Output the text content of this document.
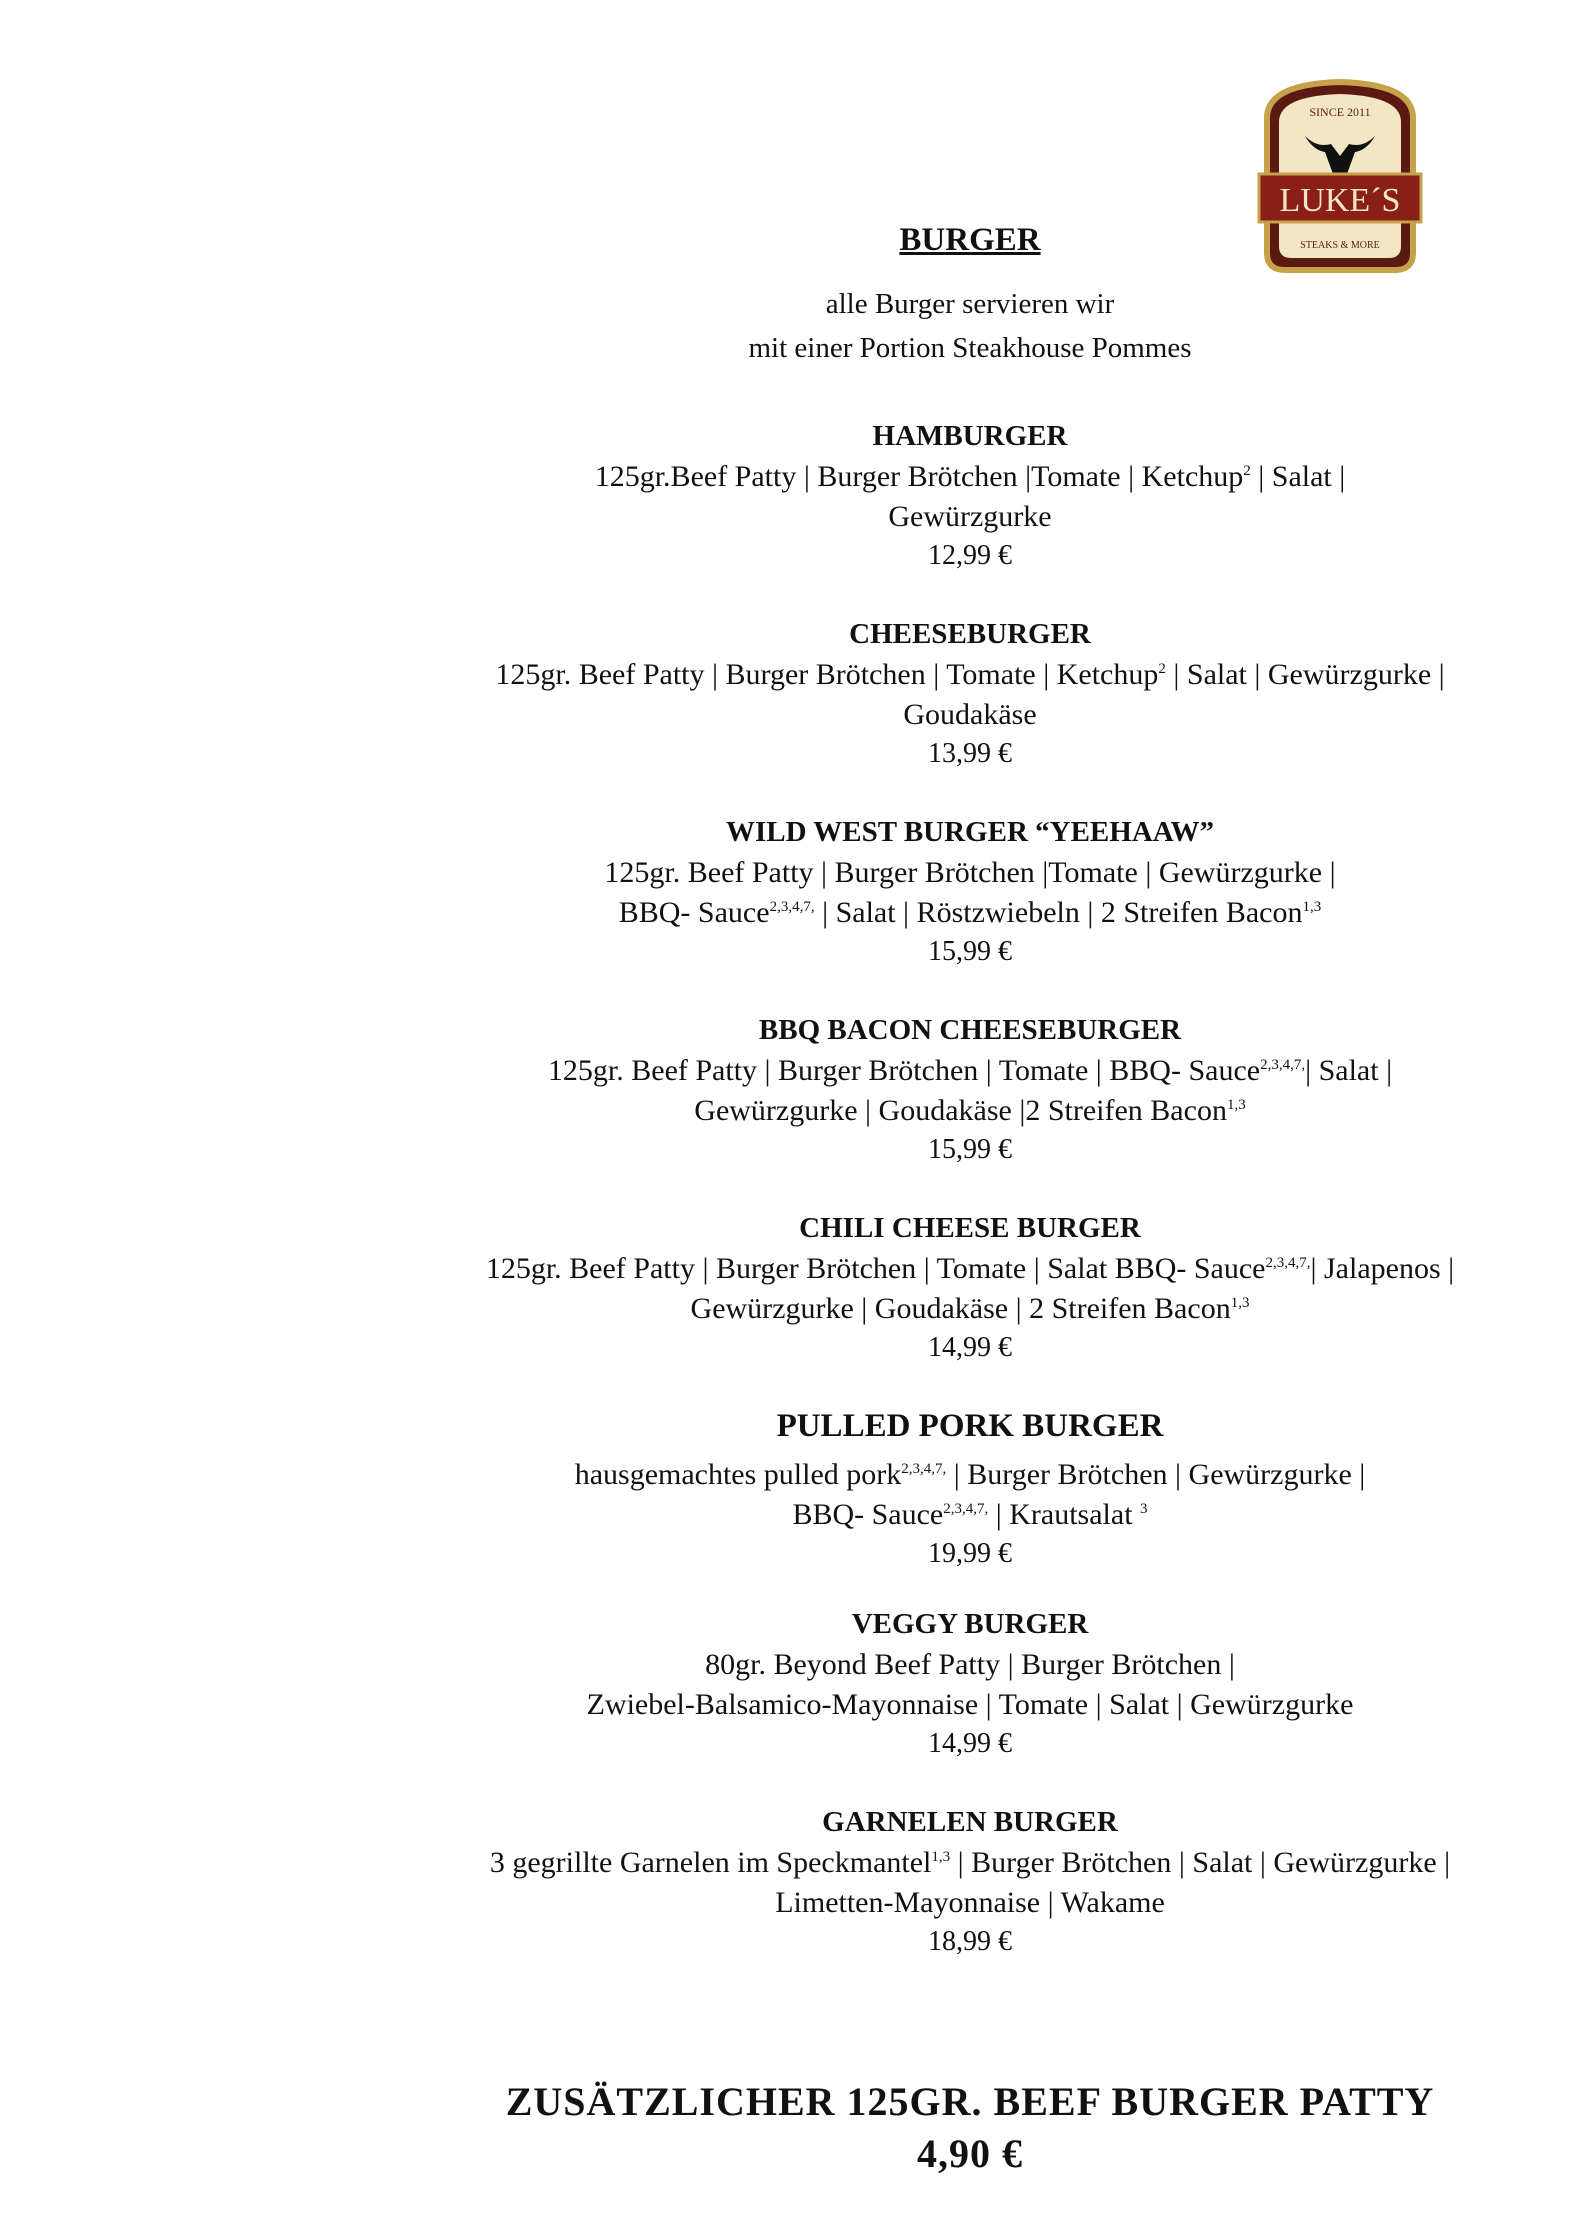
SINCE 2011
LUKE´S
STEAKS & MORE
BURGER
alle Burger servieren wir
mit einer Portion Steakhouse Pommes
HAMBURGER
125gr.Beef Patty | Burger Brötchen |Tomate | Ketchup$^2$ | Salat |
Gewürzgurke
12,99 €
CHEESEBURGER
125gr. Beef Patty | Burger Brötchen | Tomate | Ketchup$^2$ | Salat | Gewürzgurke |
Goudakäse
13,99 €
WILD WEST BURGER “YEEHAAW”
125gr. Beef Patty | Burger Brötchen |Tomate | Gewürzgurke |
BBQ- Sauce$^{2,3,4,7,}$ | Salat | Röstzwiebeln | 2 Streifen Bacon$^{1,3}$
15,99 €
BBQ BACON CHEESEBURGER
125gr. Beef Patty | Burger Brötchen | Tomate | BBQ- Sauce$^{2,3,4,7,}$| Salat |
Gewürzgurke | Goudakäse |2 Streifen Bacon$^{1,3}$
15,99 €
CHILI CHEESE BURGER
125gr. Beef Patty | Burger Brötchen | Tomate | Salat BBQ- Sauce$^{2,3,4,7,}$| Jalapenos |
Gewürzgurke | Goudakäse | 2 Streifen Bacon$^{1,3}$
14,99 €
PULLED PORK BURGER
hausgemachtes pulled pork$^{2,3,4,7,}$ | Burger Brötchen | Gewürzgurke |
BBQ- Sauce$^{2,3,4,7,}$ | Krautsalat $^3$
19,99 €
VEGGY BURGER
80gr. Beyond Beef Patty | Burger Brötchen |
Zwiebel-Balsamico-Mayonnaise | Tomate | Salat | Gewürzgurke
14,99 €
GARNELEN BURGER
3 gegrillte Garnelen im Speckmantel$^{1,3}$ | Burger Brötchen | Salat | Gewürzgurke |
Limetten-Mayonnaise | Wakame
18,99 €
ZUSÄTZLICHER 125GR. BEEF BURGER PATTY
4,90 €
